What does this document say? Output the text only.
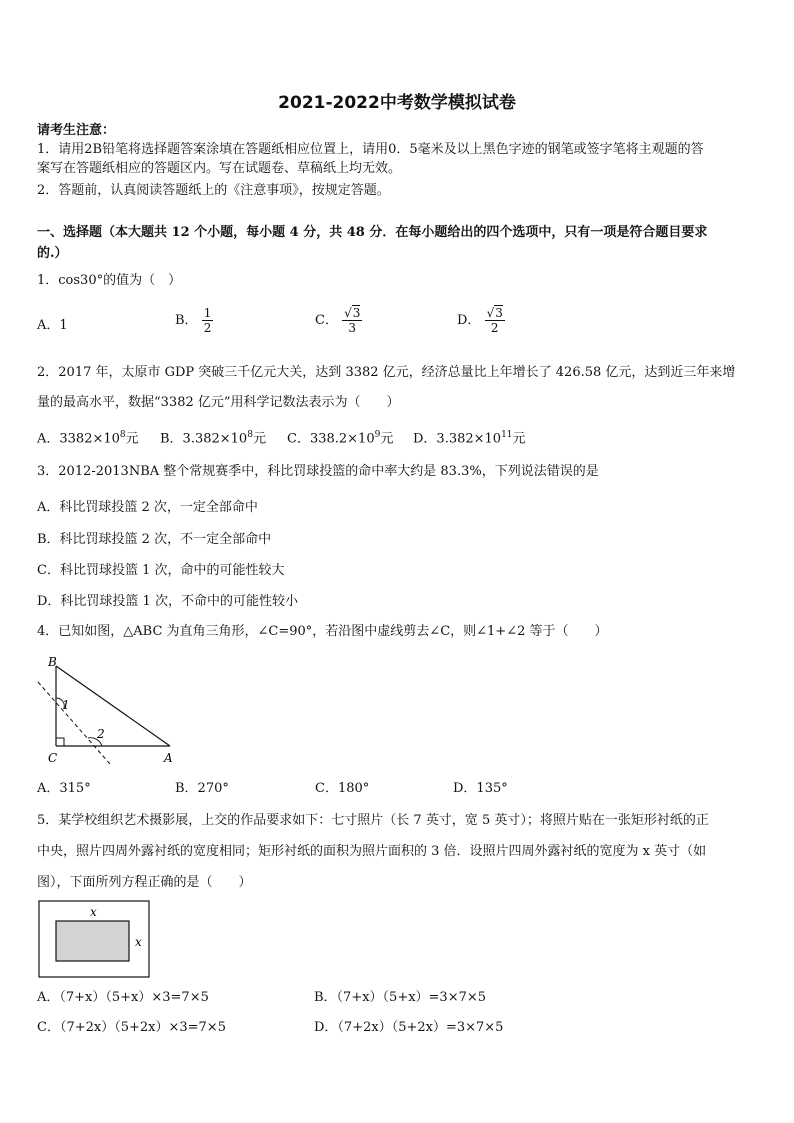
2021-2022中考数学模拟试卷
请考生注意：
1．请用2B铅笔将选择题答案涂填在答题纸相应位置上，请用0．5毫米及以上黑色字迹的钢笔或签字笔将主观题的答
案写在答题纸相应的答题区内。写在试题卷、草稿纸上均无效。
2．答题前，认真阅读答题纸上的《注意事项》，按规定答题。
一、选择题（本大题共 12 个小题，每小题 4 分，共 48 分．在每小题给出的四个选项中，只有一项是符合题目要求
的.）
1．cos30°的值为（　）
A．1	B． $\frac{1}{2}$	C． $\frac{√3}{3}$	D． $\frac{√3}{2}$
2．2017 年，太原市 GDP 突破三千亿元大关，达到 3382 亿元，经济总量比上年增长了 426.58 亿元，达到近三年来增
量的最高水平，数据“3382 亿元”用科学记数法表示为（　　）
A．$3382\times 10^8$元 B．$3.382\times 10^8$元 C．$338.2\times 10^9$元 D．$3.382\times 10^{11}$元
3．2012-2013NBA 整个常规赛季中，科比罚球投篮的命中率大约是 83.3%，下列说法错误的是
A．科比罚球投篮 2 次，一定全部命中
B．科比罚球投篮 2 次，不一定全部命中
C．科比罚球投篮 1 次，命中的可能性较大
D．科比罚球投篮 1 次，不命中的可能性较小
4．已知如图，△ABC 为直角三角形，∠C=90°，若沿图中虚线剪去∠C，则∠1+∠2 等于（　　）
B
C	A
1
2
A．315°	B．270°	C．180°	D．135°
5．某学校组织艺术摄影展，上交的作品要求如下：七寸照片（长 7 英寸，宽 5 英寸）；将照片贴在一张矩形衬纸的正
中央，照片四周外露衬纸的宽度相同；矩形衬纸的面积为照片面积的 3 倍．设照片四周外露衬纸的宽度为 x 英寸（如
图），下面所列方程正确的是（　　）
x
x
A．（7+x）（5+x）×3=7×5	B．（7+x）（5+x）=3×7×5
C．（7+2x）（5+2x）×3=7×5	D．（7+2x）（5+2x）=3×7×5
